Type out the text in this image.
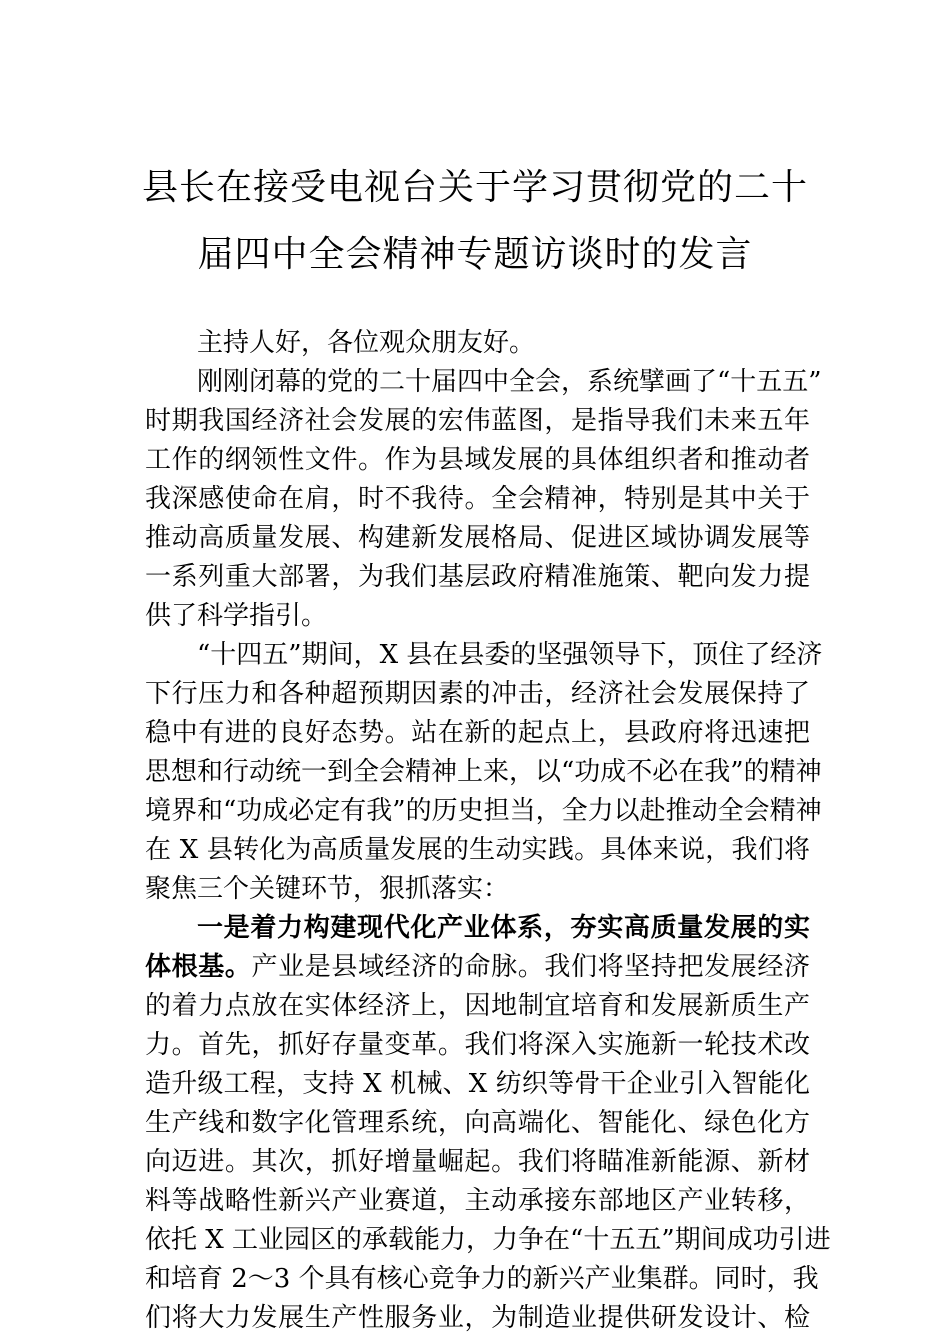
县长在接受电视台关于学习贯彻党的二十
届四中全会精神专题访谈时的发言
主持人好，各位观众朋友好。
刚刚闭幕的党的二十届四中全会，系统擘画了“十五五”
时期我国经济社会发展的宏伟蓝图，是指导我们未来五年
工作的纲领性文件。作为县域发展的具体组织者和推动者
我深感使命在肩，时不我待。全会精神，特别是其中关于
推动高质量发展、构建新发展格局、促进区域协调发展等
一系列重大部署，为我们基层政府精准施策、靶向发力提
供了科学指引。
“十四五”期间，X 县在县委的坚强领导下，顶住了经济
下行压力和各种超预期因素的冲击，经济社会发展保持了
稳中有进的良好态势。站在新的起点上，县政府将迅速把
思想和行动统一到全会精神上来，以“功成不必在我”的精神
境界和“功成必定有我”的历史担当，全力以赴推动全会精神
在 X 县转化为高质量发展的生动实践。具体来说，我们将
聚焦三个关键环节，狠抓落实：
一是着力构建现代化产业体系，夯实高质量发展的实
体根基。产业是县域经济的命脉。我们将坚持把发展经济
的着力点放在实体经济上，因地制宜培育和发展新质生产
力。首先，抓好存量变革。我们将深入实施新一轮技术改
造升级工程，支持 X 机械、X 纺织等骨干企业引入智能化
生产线和数字化管理系统，向高端化、智能化、绿色化方
向迈进。其次，抓好增量崛起。我们将瞄准新能源、新材
料等战略性新兴产业赛道，主动承接东部地区产业转移，
依托 X 工业园区的承载能力，力争在“十五五”期间成功引进
和培育 2～3 个具有核心竞争力的新兴产业集群。同时，我
们将大力发展生产性服务业，为制造业提供研发设计、检
